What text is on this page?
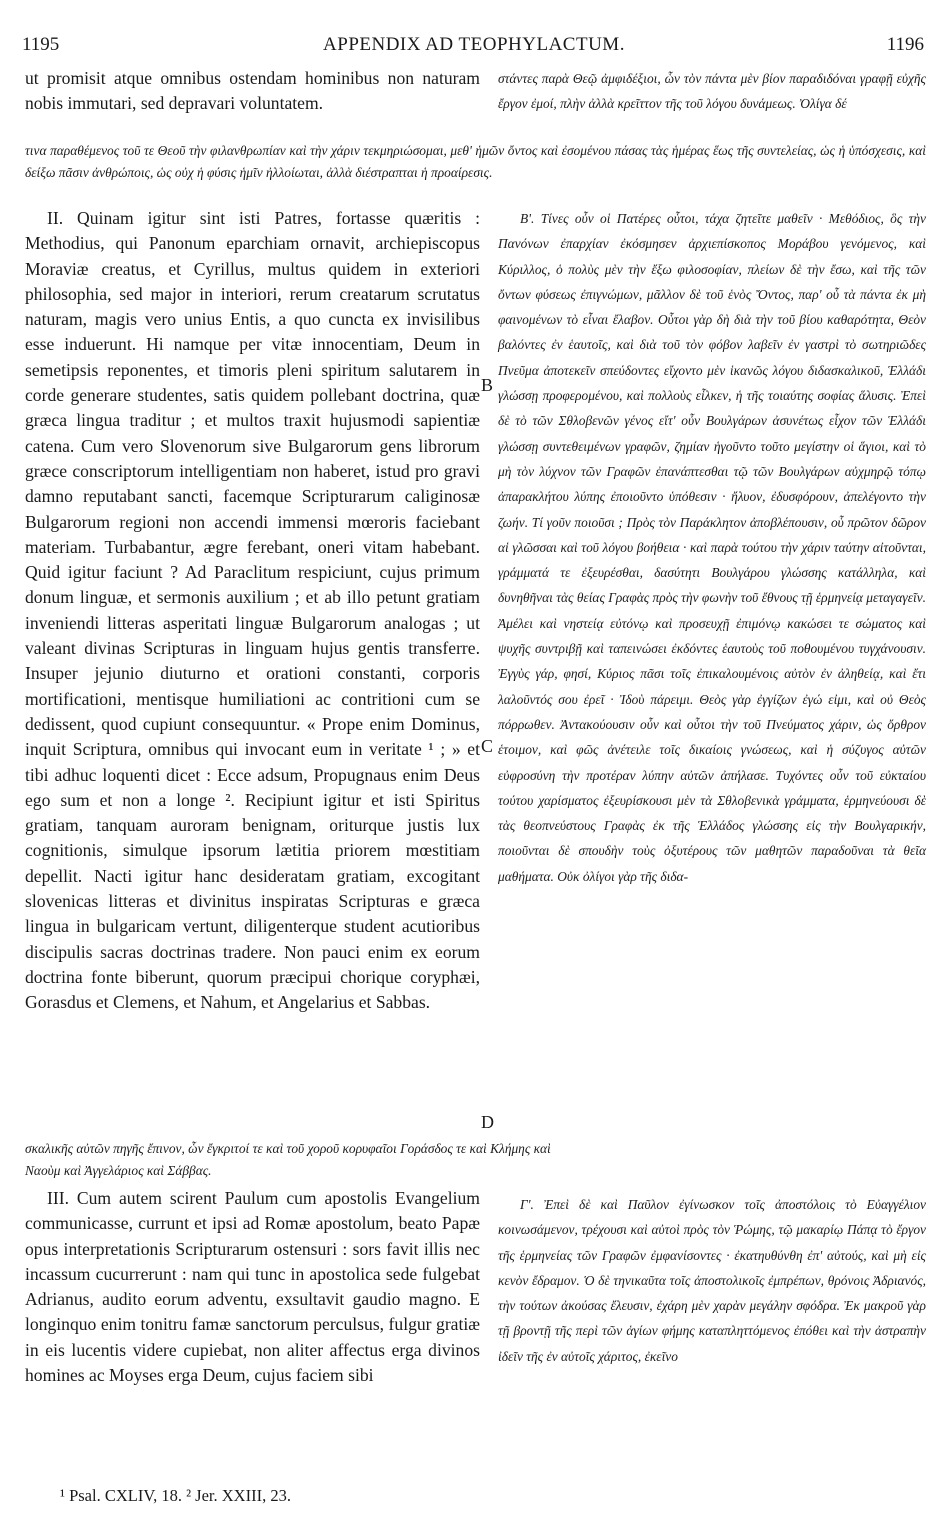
1195	APPENDIX AD TEOPHYLACTUM.	1196

ut promisit atque omnibus ostendam hominibus non naturam nobis immutari, sed depravari voluntatem.

στάντες παρὰ Θεῷ ἀμφιδέξιοι, ὧν τὸν πάντα μὲν βίον παραδιδόναι γραφῇ εὐχῆς ἔργον ἐμοί, πλὴν ἀλλὰ κρεῖττον τῆς τοῦ λόγου δυνάμεως. Ὀλίγα δέ

τινα παραθέμενος τοῦ τε Θεοῦ τὴν φιλανθρωπίαν καὶ τὴν χάριν τεκμηριώσομαι, μεθ' ἡμῶν ὄντος καὶ ἐσομένου πάσας τὰς ἡμέρας ἕως τῆς συντελείας, ὡς ἡ ὑπόσχεσις, καὶ δείξω πᾶσιν ἀνθρώποις, ὡς οὐχ ἡ φύσις ἡμῖν ἠλλοίωται, ἀλλὰ διέστραπται ἡ προαίρεσις.

II. Quinam igitur sint isti Patres, fortasse quæritis : Methodius, qui Panonum eparchiam ornavit, archiepiscopus Moraviæ creatus, et Cyrillus, multus quidem in exteriori philosophia, sed major in interiori, rerum creatarum scrutatus naturam, magis vero unius Entis, a quo cuncta ex invisilibus esse induerunt. Hi namque per vitæ innocentiam, Deum in semetipsis reponentes, et timoris pleni spiritum salutarem in corde generare studentes, satis quidem pollebant doctrina, quæ græca lingua traditur ; et multos traxit hujusmodi sapientiæ catena. Cum vero Slovenorum sive Bulgarorum gens librorum græce conscriptorum intelligentiam non haberet, istud pro gravi damno reputabant sancti, facemque Scripturarum caliginosæ Bulgarorum regioni non accendi immensi mœroris faciebant materiam. Turbabantur, ægre ferebant, oneri vitam habebant. Quid igitur faciunt ? Ad Paraclitum respiciunt, cujus primum donum linguæ, et sermonis auxilium ; et ab illo petunt gratiam inveniendi litteras asperitati linguæ Bulgarorum analogas ; ut valeant divinas Scripturas in linguam hujus gentis transferre. Insuper jejunio diuturno et orationi constanti, corporis mortificationi, mentisque humiliationi ac contritioni cum se dedissent, quod cupiunt consequuntur. « Prope enim Dominus, inquit Scriptura, omnibus qui invocant eum in veritate ¹ ; » et tibi adhuc loquenti dicet : Ecce adsum, Propugnaus enim Deus ego sum et non a longe ². Recipiunt igitur et isti Spiritus gratiam, tanquam auroram benignam, oriturque justis lux cognitionis, simulque ipsorum lætitia priorem mœstitiam depellit. Nacti igitur hanc desideratam gratiam, excogitant slovenicas litteras et divinitus inspiratas Scripturas e græca lingua in bulgaricam vertunt, diligenterque student acutioribus discipulis sacras doctrinas tradere. Non pauci enim ex eorum doctrina fonte biberunt, quorum præcipui chorique coryphæi, Gorasdus et Clemens, et Nahum, et Angelarius et Sabbas.

Β'. Τίνες οὖν οἱ Πατέρες οὗτοι, τάχα ζητεῖτε μαθεῖν · Μεθόδιος, ὃς τὴν Πανόνων ἐπαρχίαν ἐκόσμησεν ἀρχιεπίσκοπος Μοράβου γενόμενος, καὶ Κύριλλος, ὁ πολὺς μὲν τὴν ἔξω φιλοσοφίαν, πλείων δὲ τὴν ἔσω, καὶ τῆς τῶν ὄντων φύσεως ἐπιγνώμων, μᾶλλον δὲ τοῦ ἑνὸς Ὄντος, παρ' οὗ τὰ πάντα ἐκ μὴ φαινομένων τὸ εἶναι ἔλαβον. Οὗτοι γὰρ δὴ διὰ τὴν τοῦ βίου καθαρότητα, Θεὸν βαλόντες ἐν ἑαυτοῖς, καὶ διὰ τοῦ τὸν φόβον λαβεῖν ἐν γαστρὶ τὸ σωτηριῶδες Πνεῦμα ἀποτεκεῖν σπεύδοντες εἴχοντο μὲν ἱκανῶς λόγου διδασκαλικοῦ, Ἑλλάδι γλώσσῃ προφερομένου, καὶ πολλοὺς εἷλκεν, ἡ τῆς τοιαύτης σοφίας ἅλυσις. Ἐπεὶ δὲ τὸ τῶν Σθλοβενῶν γένος εἴτ' οὖν Βουλγάρων ἀσυνέτως εἶχον τῶν Ἑλλάδι γλώσσῃ συντεθειμένων γραφῶν, ζημίαν ἡγοῦντο τοῦτο μεγίστην οἱ ἅγιοι, καὶ τὸ μὴ τὸν λύχνον τῶν Γραφῶν ἐπανάπτεσθαι τῷ τῶν Βουλγάρων αὐχμηρῷ τόπῳ ἀπαρακλήτου λύπης ἐποιοῦντο ὑπόθεσιν · ἤλυον, ἐδυσφόρουν, ἀπελέγοντο τὴν ζωήν. Τί γοῦν ποιοῦσι ; Πρὸς τὸν Παράκλητον ἀποβλέπουσιν, οὗ πρῶτον δῶρον αἱ γλῶσσαι καὶ τοῦ λόγου βοήθεια · καὶ παρὰ τούτου τὴν χάριν ταύτην αἰτοῦνται, γράμματά τε ἐξευρέσθαι, δασύτητι Βουλγάρου γλώσσης κατάλληλα, καὶ δυνηθῆναι τὰς θείας Γραφὰς πρὸς τὴν φωνὴν τοῦ ἔθνους τῇ ἑρμηνείᾳ μεταγαγεῖν. Ἀμέλει καὶ νηστείᾳ εὐτόνῳ καὶ προσευχῇ ἐπιμόνῳ κακώσει τε σώματος καὶ ψυχῆς συντριβῇ καὶ ταπεινώσει ἐκδόντες ἑαυτοὺς τοῦ ποθουμένου τυγχάνουσιν. Ἐγγὺς γάρ, φησί, Κύριος πᾶσι τοῖς ἐπικαλουμένοις αὐτὸν ἐν ἀληθείᾳ, καὶ ἔτι λαλοῦντός σου ἐρεῖ · Ἰδοὺ πάρειμι. Θεὸς γὰρ ἐγγίζων ἐγώ εἰμι, καὶ οὐ Θεὸς πόρρωθεν. Ἀντακούουσιν οὖν καὶ οὗτοι τὴν τοῦ Πνεύματος χάριν, ὡς ὄρθρον ἑτοιμον, καὶ φῶς ἀνέτειλε τοῖς δικαίοις γνώσεως, καὶ ἡ σύζυγος αὐτῶν εὐφροσύνη τὴν προτέραν λύπην αὐτῶν ἀπήλασε. Τυχόντες οὖν τοῦ εὐκταίου τούτου χαρίσματος ἐξευρίσκουσι μὲν τὰ Σθλοβενικὰ γράμματα, ἑρμηνεύουσι δὲ τὰς θεοπνεύστους Γραφὰς ἐκ τῆς Ἑλλάδος γλώσσης εἰς τὴν Βουλγαρικήν, ποιοῦνται δὲ σπουδὴν τοὺς ὀξυτέρους τῶν μαθητῶν παραδοῦναι τὰ θεῖα μαθήματα. Οὐκ ὀλίγοι γὰρ τῆς διδα-

B
C
D

σκαλικῆς αὐτῶν πηγῆς ἔπινον, ὧν ἔγκριτοί τε καὶ τοῦ χοροῦ κορυφαῖοι Γοράσδος τε καὶ Κλήμης καὶ

Ναοὺμ καὶ Ἀγγελάριος καὶ Σάββας.

III. Cum autem scirent Paulum cum apostolis Evangelium communicasse, currunt et ipsi ad Romæ apostolum, beato Papæ opus interpretationis Scripturarum ostensuri : sors favit illis nec incassum cucurrerunt : nam qui tunc in apostolica sede fulgebat Adrianus, audito eorum adventu, exsultavit gaudio magno. E longinquo enim tonitru famæ sanctorum perculsus, fulgur gratiæ in eis lucentis videre cupiebat, non aliter affectus erga divinos homines ac Moyses erga Deum, cujus faciem sibi

Γ'. Ἐπεὶ δὲ καὶ Παῦλον ἐγίνωσκον τοῖς ἀποστόλοις τὸ Εὐαγγέλιον κοινωσάμενον, τρέχουσι καὶ αὐτοὶ πρὸς τὸν Ῥώμης, τῷ μακαρίῳ Πάπᾳ τὸ ἔργον τῆς ἑρμηνείας τῶν Γραφῶν ἐμφανίσοντες · ἐκατηυθύνθη ἐπ' αὐτούς, καὶ μὴ εἰς κενὸν ἔδραμον. Ὁ δὲ τηνικαῦτα τοῖς ἀποστολικοῖς ἐμπρέπων, θρόνοις Ἀδριανός, τὴν τούτων ἀκούσας ἔλευσιν, ἐχάρη μὲν χαρὰν μεγάλην σφόδρα. Ἐκ μακροῦ γὰρ τῇ βροντῇ τῆς περὶ τῶν ἁγίων φήμης καταπληττόμενος ἐπόθει καὶ τὴν ἀστραπὴν ἰδεῖν τῆς ἐν αὐτοῖς χάριτος, ἐκεῖνο

¹ Psal. CXLIV, 18. ² Jer. XXIII, 23.
